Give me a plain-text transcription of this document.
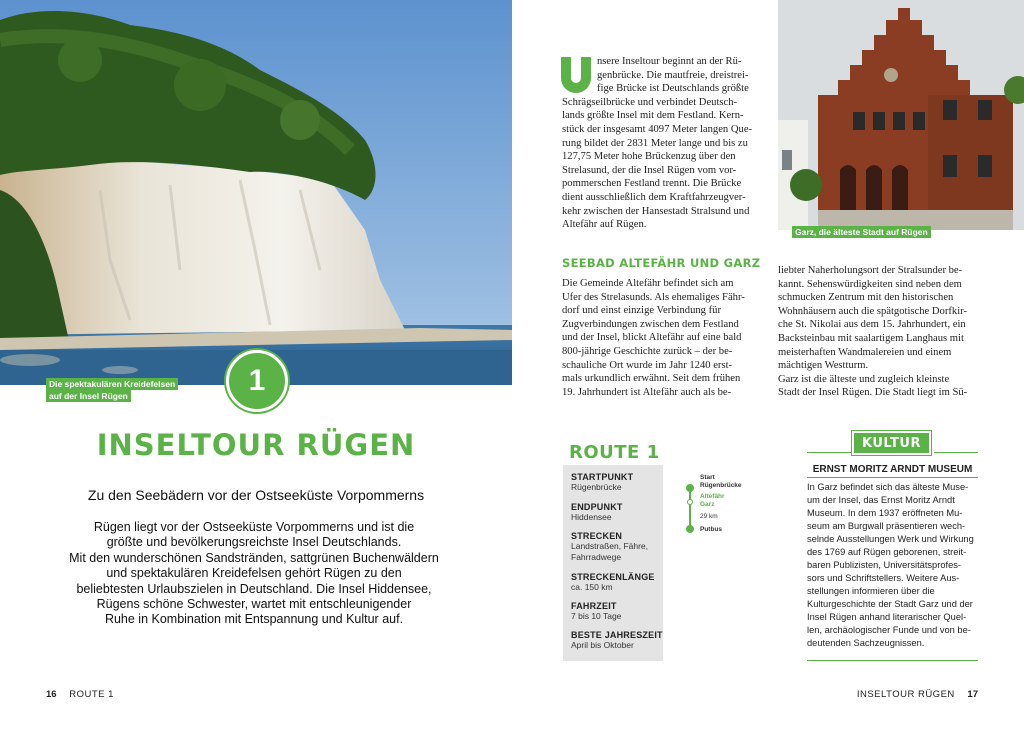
Die spektakulären Kreidefelsen
auf der Insel Rügen	1
INSELTOUR RÜGEN
Zu den Seebädern vor der Ostseeküste Vorpommerns
Rügen liegt vor der Ostseeküste Vorpommerns und ist die
größte und bevölkerungsreichste Insel Deutschlands.
Mit den wunderschönen Sandstränden, sattgrünen Buchenwäldern
und spektakulären Kreidefelsen gehört Rügen zu den
beliebtesten Urlaubszielen in Deutschland. Die Insel Hiddensee,
Rügens schöne Schwester, wartet mit entschleunigender
Ruhe in Kombination mit Entspannung und Kultur auf.
16 ROUTE 1
nsere Inseltour beginnt an der Rü-
genbrücke. Die mautfreie, dreistrei-
fige Brücke ist Deutschlands größte
Schrägseilbrücke und verbindet Deutsch-
lands größte Insel mit dem Festland. Kern-
stück der insgesamt 4097 Meter langen Que-
rung bildet der 2831 Meter lange und bis zu
127,75 Meter hohe Brückenzug über den
Strelasund, der die Insel Rügen vom vor-
pommerschen Festland trennt. Die Brücke
dient ausschließlich dem Kraftfahrzeugver-
kehr zwischen der Hansestadt Stralsund und
Altefähr auf Rügen.
SEEBAD ALTEFÄHR UND GARZ
Die Gemeinde Altefähr befindet sich am
Ufer des Strelasunds. Als ehemaliges Fähr-
dorf und einst einzige Verbindung für
Zugverbindungen zwischen dem Festland
und der Insel, blickt Altefähr auf eine bald
800-jährige Geschichte zurück – der be-
schauliche Ort wurde im Jahr 1240 erst-
mals urkundlich erwähnt. Seit dem frühen
19. Jahrhundert ist Altefähr auch als be-
Garz, die älteste Stadt auf Rügen
liebter Naherholungsort der Stralsunder be-
kannt. Sehenswürdigkeiten sind neben dem
schmucken Zentrum mit den historischen
Wohnhäusern auch die spätgotische Dorfkir-
che St. Nikolai aus dem 15. Jahrhundert, ein
Backsteinbau mit saalartigem Langhaus mit
meisterhaften Wandmalereien und einem
mächtigen Westturm.
Garz ist die älteste und zugleich kleinste
Stadt der Insel Rügen. Die Stadt liegt im Sü-
ROUTE 1
STARTPUNKT
Rügenbrücke
ENDPUNKT
Hiddensee
STRECKEN
Landstraßen, Fähre,
Fahrradwege
STRECKENLÄNGE
ca. 150 km
FAHRZEIT
7 bis 10 Tage
BESTE JAHRESZEIT
April bis Oktober
Start
Rügenbrücke
Altefähr
Garz
29 km
Putbus
KULTUR
ERNST MORITZ ARNDT MUSEUM
In Garz befindet sich das älteste Muse-
um der Insel, das Ernst Moritz Arndt
Museum. In dem 1937 eröffneten Mu-
seum am Burgwall präsentieren wech-
selnde Ausstellungen Werk und Wirkung
des 1769 auf Rügen geborenen, streit-
baren Publizisten, Universitätsprofes-
sors und Schriftstellers. Weitere Aus-
stellungen informieren über die
Kulturgeschichte der Stadt Garz und der
Insel Rügen anhand literarischer Quel-
len, archäologischer Funde und von be-
deutenden Sachzeugnissen.
INSELTOUR RÜGEN 17
